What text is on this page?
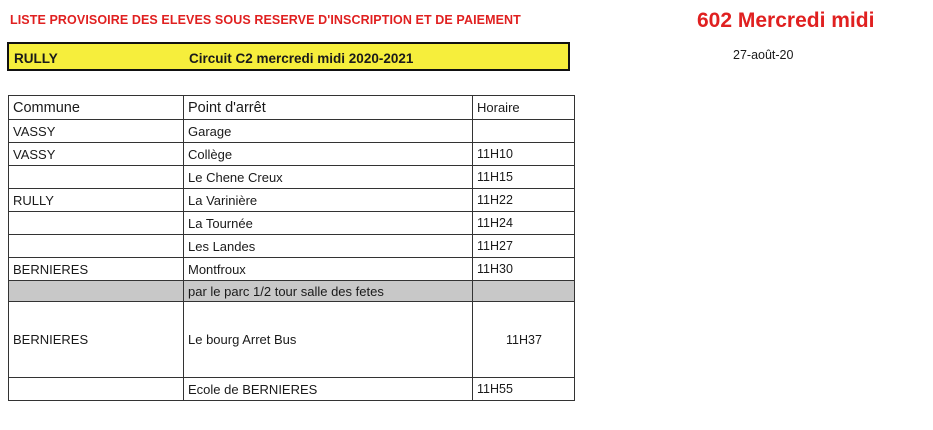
LISTE PROVISOIRE DES ELEVES SOUS RESERVE D'INSCRIPTION ET DE PAIEMENT	602 Mercredi midi
27-août-20
RULLY	Circuit C2 mercredi midi 2020-2021
Commune	Point d'arrêt	Horaire
VASSY	Garage	
VASSY	Collège	11H10
	Le Chene Creux	11H15
RULLY	La Varinière	11H22
	La Tournée	11H24
	Les Landes	11H27
BERNIERES	Montfroux	11H30
	par le parc 1/2 tour salle des fetes	
BERNIERES	Le bourg Arret Bus	11H37
	Ecole de BERNIERES	11H55
